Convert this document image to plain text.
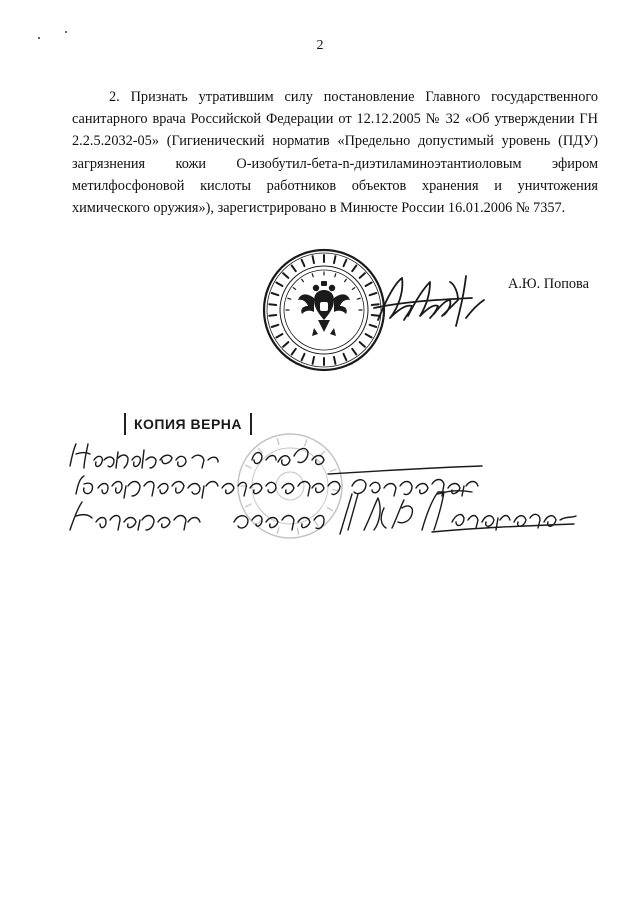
2

2. Признать утратившим силу постановление Главного государственного санитарного врача Российской Федерации от 12.12.2005 № 32 «Об утверждении ГН 2.2.5.2032-05» (Гигиенический норматив «Предельно допустимый уровень (ПДУ) загрязнения кожи О-изобутил-бета-n-диэтиламиноэтантиоловым эфиром метилфосфоновой кислоты работников объектов хранения и уничтожения химического оружия»), зарегистрировано в Минюсте России 16.01.2006 № 7357.

А.Ю. Попова
КОПИЯ ВЕРНА
